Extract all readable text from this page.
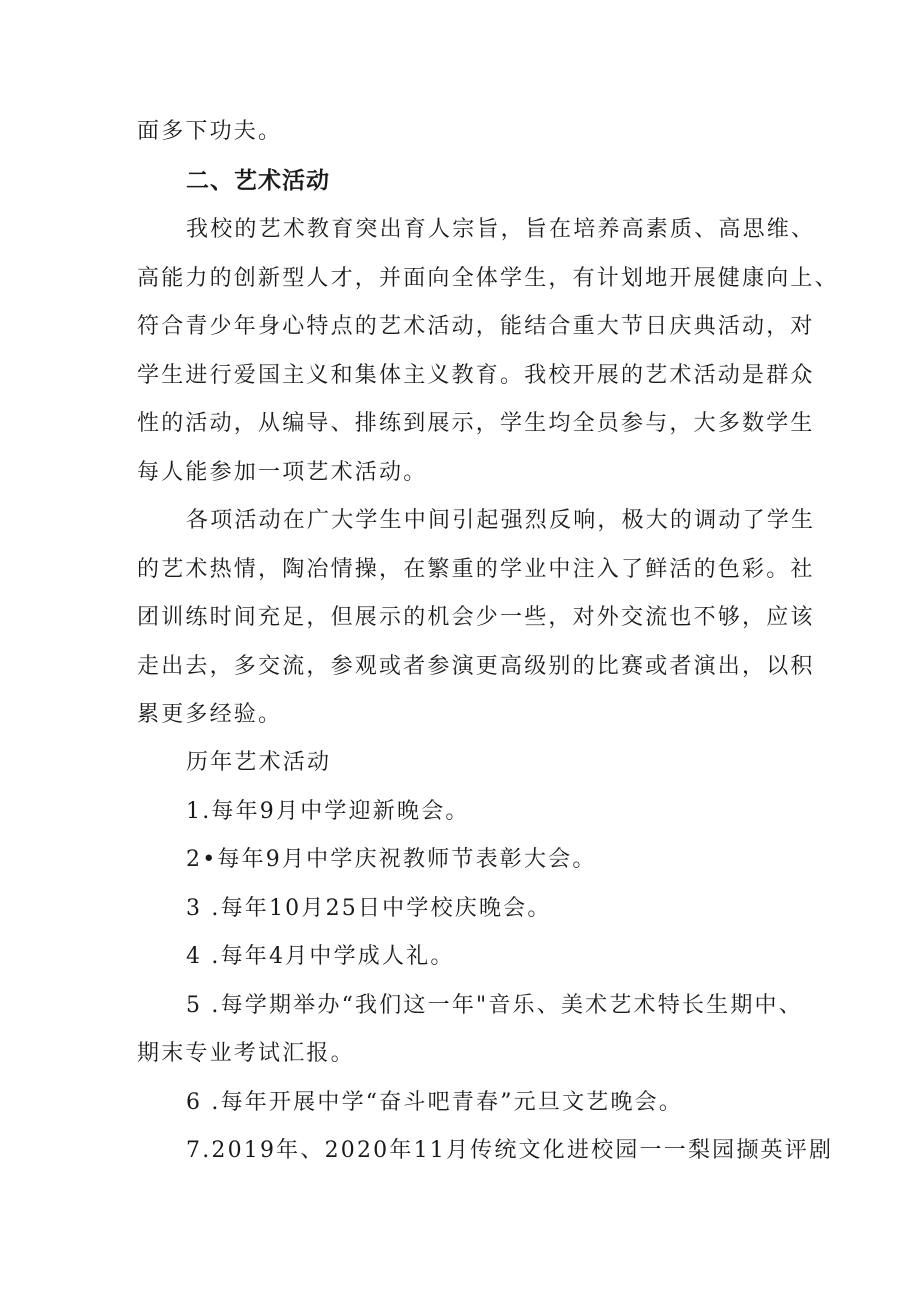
面多下功夫。
二、艺术活动
我校的艺术教育突出育人宗旨，旨在培养高素质、高思维、
高能力的创新型人才，并面向全体学生，有计划地开展健康向上、
符合青少年身心特点的艺术活动，能结合重大节日庆典活动，对
学生进行爱国主义和集体主义教育。我校开展的艺术活动是群众
性的活动，从编导、排练到展示，学生均全员参与，大多数学生
每人能参加一项艺术活动。
各项活动在广大学生中间引起强烈反响，极大的调动了学生
的艺术热情，陶冶情操，在繁重的学业中注入了鲜活的色彩。社
团训练时间充足，但展示的机会少一些，对外交流也不够，应该
走出去，多交流，参观或者参演更高级别的比赛或者演出，以积
累更多经验。
历年艺术活动
1.每年9月中学迎新晚会。
2•每年9月中学庆祝教师节表彰大会。
3 .每年10月25日中学校庆晚会。
4 .每年4月中学成人礼。
5 .每学期举办“我们这一年"音乐、美术艺术特长生期中、
期末专业考试汇报。
6 .每年开展中学“奋斗吧青春”元旦文艺晚会。
7.2019年、2020年11月传统文化进校园一一梨园撷英评剧
